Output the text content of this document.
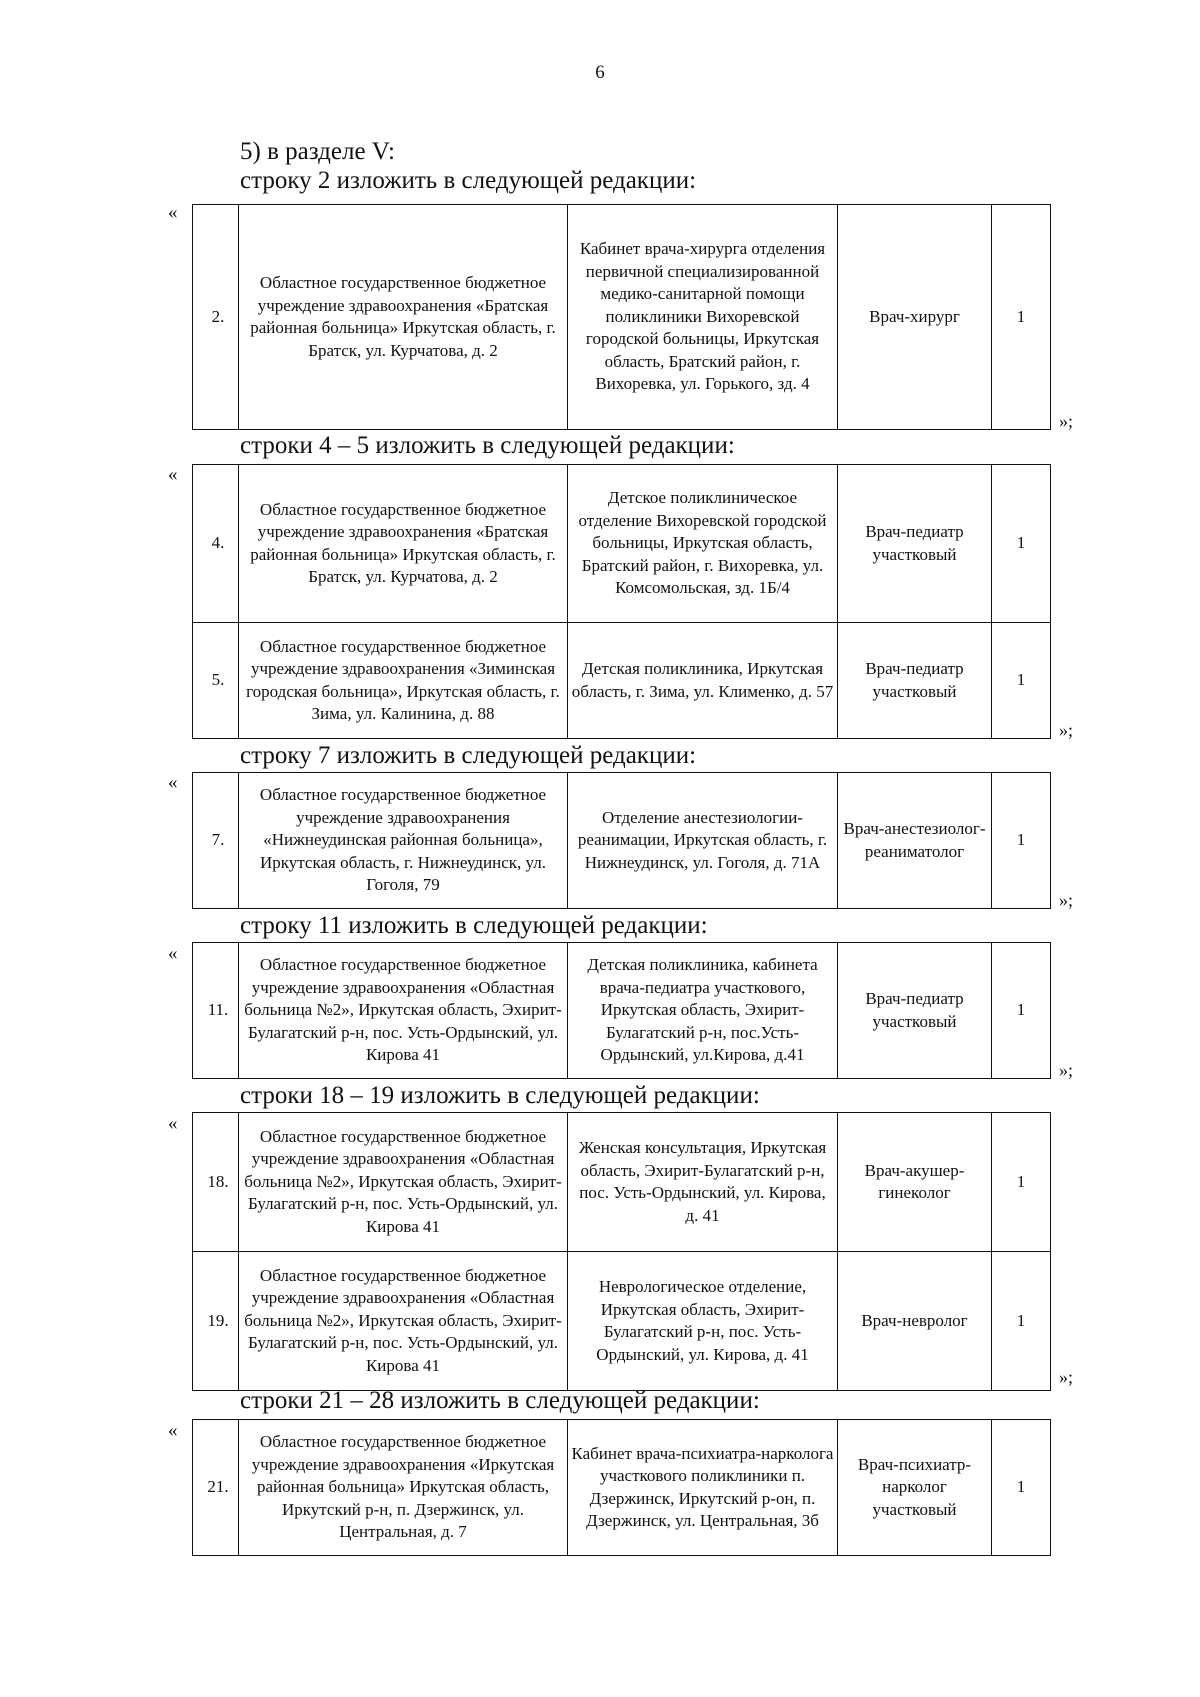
6
5) в разделе V:
строку 2 изложить в следующей редакции:
«
2.	Областное государственное бюджетное учреждение здравоохранения «Братская районная больница» Иркутская область, г. Братск, ул. Курчатова, д. 2	Кабинет врача-хирурга отделения первичной специализированной медико-санитарной помощи поликлиники Вихоревской городской больницы, Иркутская область, Братский район, г. Вихоревка, ул. Горького, зд. 4	Врач-хирург	1
»;
строки 4 – 5 изложить в следующей редакции:
«
4.	Областное государственное бюджетное учреждение здравоохранения «Братская районная больница» Иркутская область, г. Братск, ул. Курчатова, д. 2	Детское поликлиническое отделение Вихоревской городской больницы, Иркутская область, Братский район, г. Вихоревка, ул. Комсомольская, зд. 1Б/4	Врач-педиатр участковый	1
5.	Областное государственное бюджетное учреждение здравоохранения «Зиминская городская больница», Иркутская область, г. Зима, ул. Калинина, д. 88	Детская поликлиника, Иркутская область, г. Зима, ул. Клименко, д. 57	Врач-педиатр участковый	1
»;
строку 7 изложить в следующей редакции:
«
7.	Областное государственное бюджетное учреждение здравоохранения «Нижнеудинская районная больница», Иркутская область, г. Нижнеудинск, ул. Гоголя, 79	Отделение анестезиологии-реанимации, Иркутская область, г. Нижнеудинск, ул. Гоголя, д. 71А	Врач-анестезиолог-реаниматолог	1
»;
строку 11 изложить в следующей редакции:
«
11.	Областное государственное бюджетное учреждение здравоохранения «Областная больница №2», Иркутская область, Эхирит-Булагатский р-н, пос. Усть-Ордынский, ул. Кирова 41	Детская поликлиника, кабинета врача-педиатра участкового, Иркутская область, Эхирит-Булагатский р-н, пос.Усть-Ордынский, ул.Кирова, д.41	Врач-педиатр участковый	1
»;
строки 18 – 19 изложить в следующей редакции:
«
18.	Областное государственное бюджетное учреждение здравоохранения «Областная больница №2», Иркутская область, Эхирит-Булагатский р-н, пос. Усть-Ордынский, ул. Кирова 41	Женская консультация, Иркутская область, Эхирит-Булагатский р-н, пос. Усть-Ордынский, ул. Кирова, д. 41	Врач-акушер-гинеколог	1
19.	Областное государственное бюджетное учреждение здравоохранения «Областная больница №2», Иркутская область, Эхирит-Булагатский р-н, пос. Усть-Ордынский, ул. Кирова 41	Неврологическое отделение, Иркутская область, Эхирит-Булагатский р-н, пос. Усть-Ордынский, ул. Кирова, д. 41	Врач-невролог	1
»;
строки 21 – 28 изложить в следующей редакции:
«
21.	Областное государственное бюджетное учреждение здравоохранения «Иркутская районная больница» Иркутская область, Иркутский р-н, п. Дзержинск, ул. Центральная, д. 7	Кабинет врача-психиатра-нарколога участкового поликлиники п. Дзержинск, Иркутский р-он, п. Дзержинск, ул. Центральная, 3б	Врач-психиатр-нарколог участковый	1
